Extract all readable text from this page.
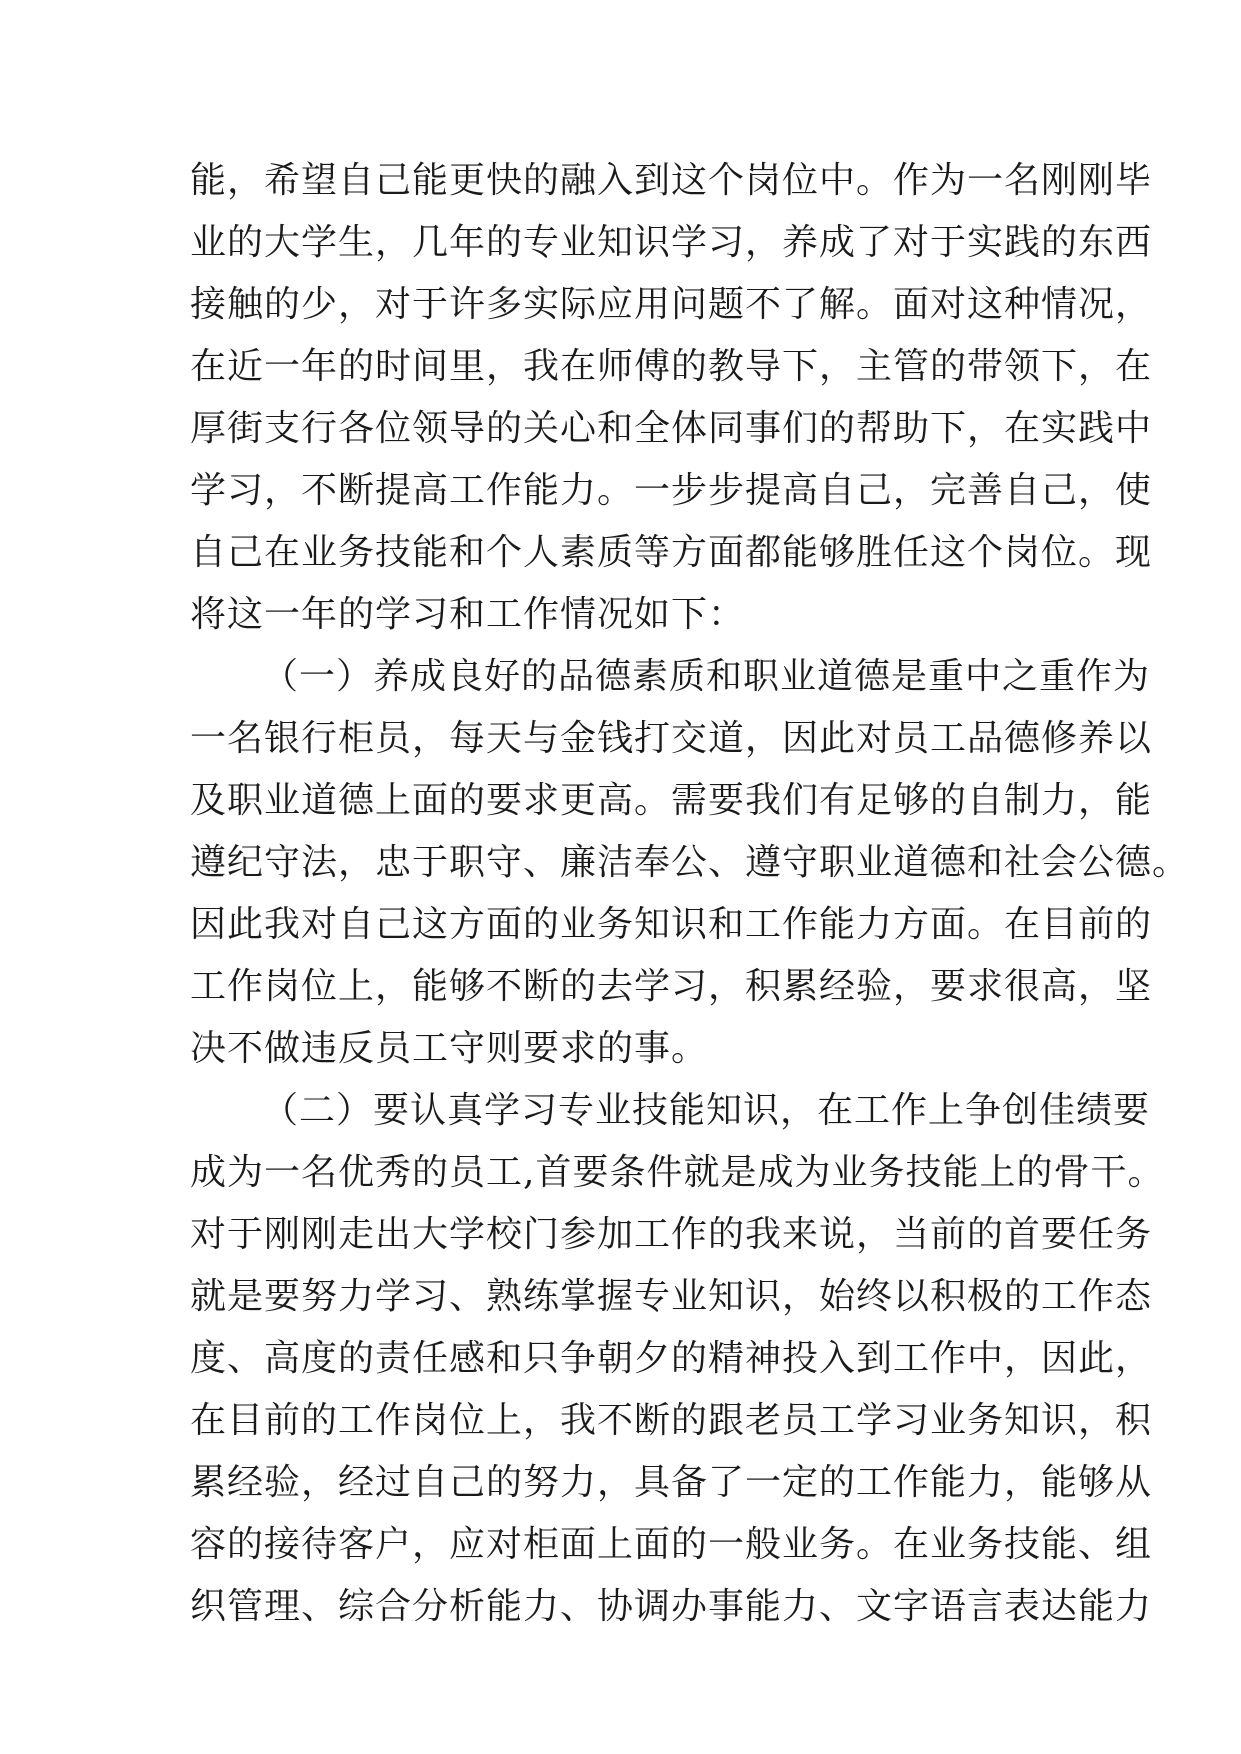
能，希望自己能更快的融入到这个岗位中。作为一名刚刚毕
业的大学生，几年的专业知识学习，养成了对于实践的东西
接触的少，对于许多实际应用问题不了解。面对这种情况，
在近一年的时间里，我在师傅的教导下，主管的带领下，在
厚街支行各位领导的关心和全体同事们的帮助下，在实践中
学习，不断提高工作能力。一步步提高自己，完善自己，使
自己在业务技能和个人素质等方面都能够胜任这个岗位。现
将这一年的学习和工作情况如下：
（一）养成良好的品德素质和职业道德是重中之重作为
一名银行柜员，每天与金钱打交道，因此对员工品德修养以
及职业道德上面的要求更高。需要我们有足够的自制力，能
遵纪守法，忠于职守、廉洁奉公、遵守职业道德和社会公德。
因此我对自己这方面的业务知识和工作能力方面。在目前的
工作岗位上，能够不断的去学习，积累经验，要求很高，坚
决不做违反员工守则要求的事。
（二）要认真学习专业技能知识，在工作上争创佳绩要
成为一名优秀的员工,首要条件就是成为业务技能上的骨干。
对于刚刚走出大学校门参加工作的我来说，当前的首要任务
就是要努力学习、熟练掌握专业知识，始终以积极的工作态
度、高度的责任感和只争朝夕的精神投入到工作中，因此，
在目前的工作岗位上，我不断的跟老员工学习业务知识，积
累经验，经过自己的努力，具备了一定的工作能力，能够从
容的接待客户，应对柜面上面的一般业务。在业务技能、组
织管理、综合分析能力、协调办事能力、文字语言表达能力
